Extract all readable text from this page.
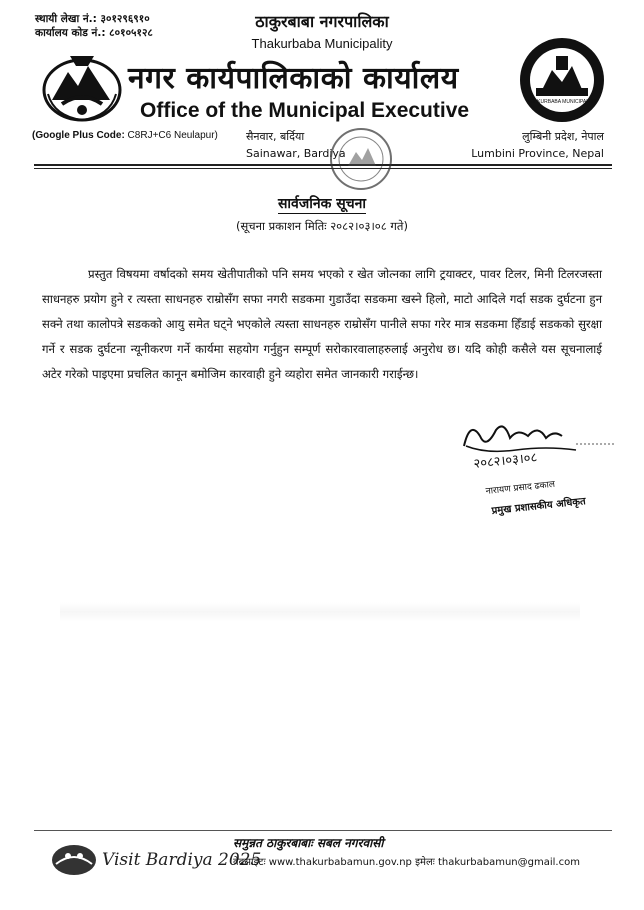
स्थायी लेखा नं.: ३०१२९६९१०
कार्यालय कोड नं.: ८०१०५१२८
ठाकुरबाबा नगरपालिका
Thakurbaba Municipality
नगर कार्यपालिकाको कार्यालय
Office of the Municipal Executive	THAKURBABA MUNICIPALITY
(Google Plus Code: C8RJ+C6 Neulapur)	सैनवार, बर्दिया
Sainawar, Bardiya
लुम्बिनी प्रदेश, नेपाल
Lumbini Province, Nepal
सार्वजनिक सूचना
(सूचना प्रकाशन मितिः २०८२।०३।०८ गते)
प्रस्तुत विषयमा वर्षादको समय खेतीपातीको पनि समय भएको र खेत जोत्नका लागि ट्रयाक्टर, पावर टिलर, मिनी टिलरजस्ता साधनहरु प्रयोग हुने र त्यस्ता साधनहरु राम्रोसँग सफा नगरी सडकमा गुडाउँदा सडकमा खस्ने हिलो, माटो आदिले गर्दा सडक दुर्घटना हुन सक्ने तथा कालोपत्रे सडकको आयु समेत घट्ने भएकोले त्यस्ता साधनहरु राम्रोसँग पानीले सफा गरेर मात्र सडकमा हिँडाई सडकको सुरक्षा गर्ने र सडक दुर्घटना न्यूनीकरण गर्ने कार्यमा सहयोग गर्नुहुन सम्पूर्ण सरोकारवालाहरुलाई अनुरोध छ। यदि कोही कसैले यस सूचनालाई अटेर गरेको पाइएमा प्रचलित कानून बमोजिम कारवाही हुने व्यहोरा समेत जानकारी गराईन्छ।
२०८२।०३।०८
नारायण प्रसाद ढकाल
प्रमुख प्रशासकीय अधिकृत
Visit Bardiya 2025
समुन्नत ठाकुरबाबाः सबल नगरवासी
वेबसाइटः www.thakurbabamun.gov.np इमेलः thakurbabamun@gmail.com
